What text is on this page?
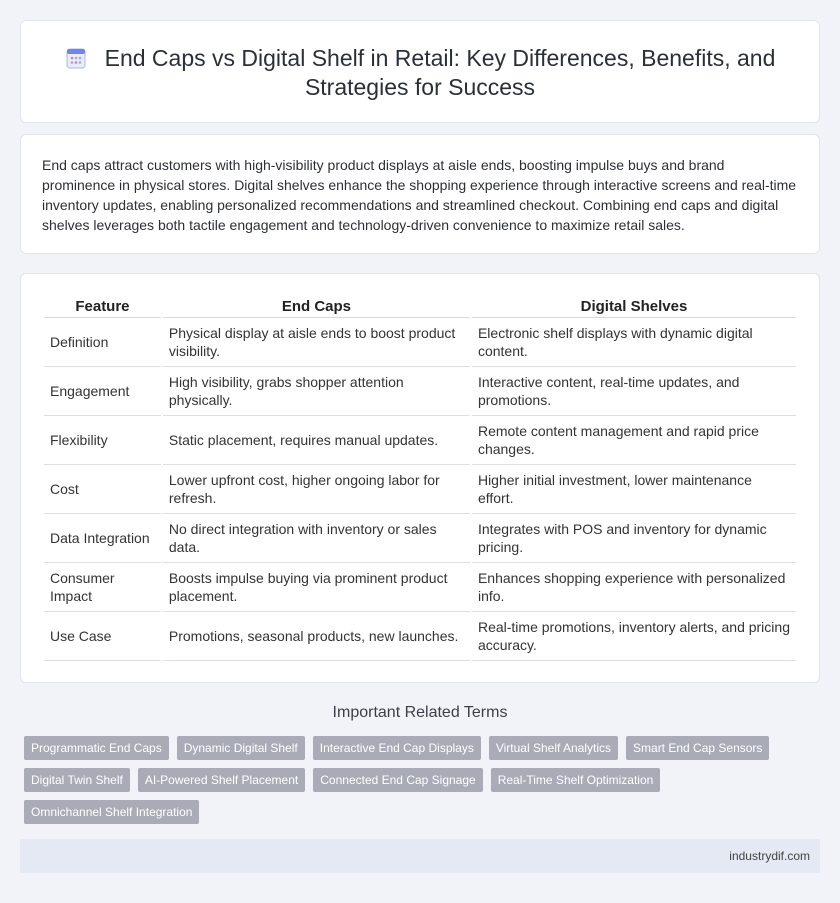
End Caps vs Digital Shelf in Retail: Key Differences, Benefits, and Strategies for Success

End caps attract customers with high-visibility product displays at aisle ends, boosting impulse buys and brand prominence in physical stores. Digital shelves enhance the shopping experience through interactive screens and real-time inventory updates, enabling personalized recommendations and streamlined checkout. Combining end caps and digital shelves leverages both tactile engagement and technology-driven convenience to maximize retail sales.

Feature	End Caps	Digital Shelves
Definition	Physical display at aisle ends to boost product visibility.	Electronic shelf displays with dynamic digital content.
Engagement	High visibility, grabs shopper attention physically.	Interactive content, real-time updates, and promotions.
Flexibility	Static placement, requires manual updates.	Remote content management and rapid price changes.
Cost	Lower upfront cost, higher ongoing labor for refresh.	Higher initial investment, lower maintenance effort.
Data Integration	No direct integration with inventory or sales data.	Integrates with POS and inventory for dynamic pricing.
Consumer Impact	Boosts impulse buying via prominent product placement.	Enhances shopping experience with personalized info.
Use Case	Promotions, seasonal products, new launches.	Real-time promotions, inventory alerts, and pricing accuracy.
Important Related Terms
Programmatic End Caps	Dynamic Digital Shelf	Interactive End Cap Displays	Virtual Shelf Analytics	Smart End Cap Sensors
Digital Twin Shelf	AI-Powered Shelf Placement	Connected End Cap Signage	Real-Time Shelf Optimization
Omnichannel Shelf Integration
industrydif.com
